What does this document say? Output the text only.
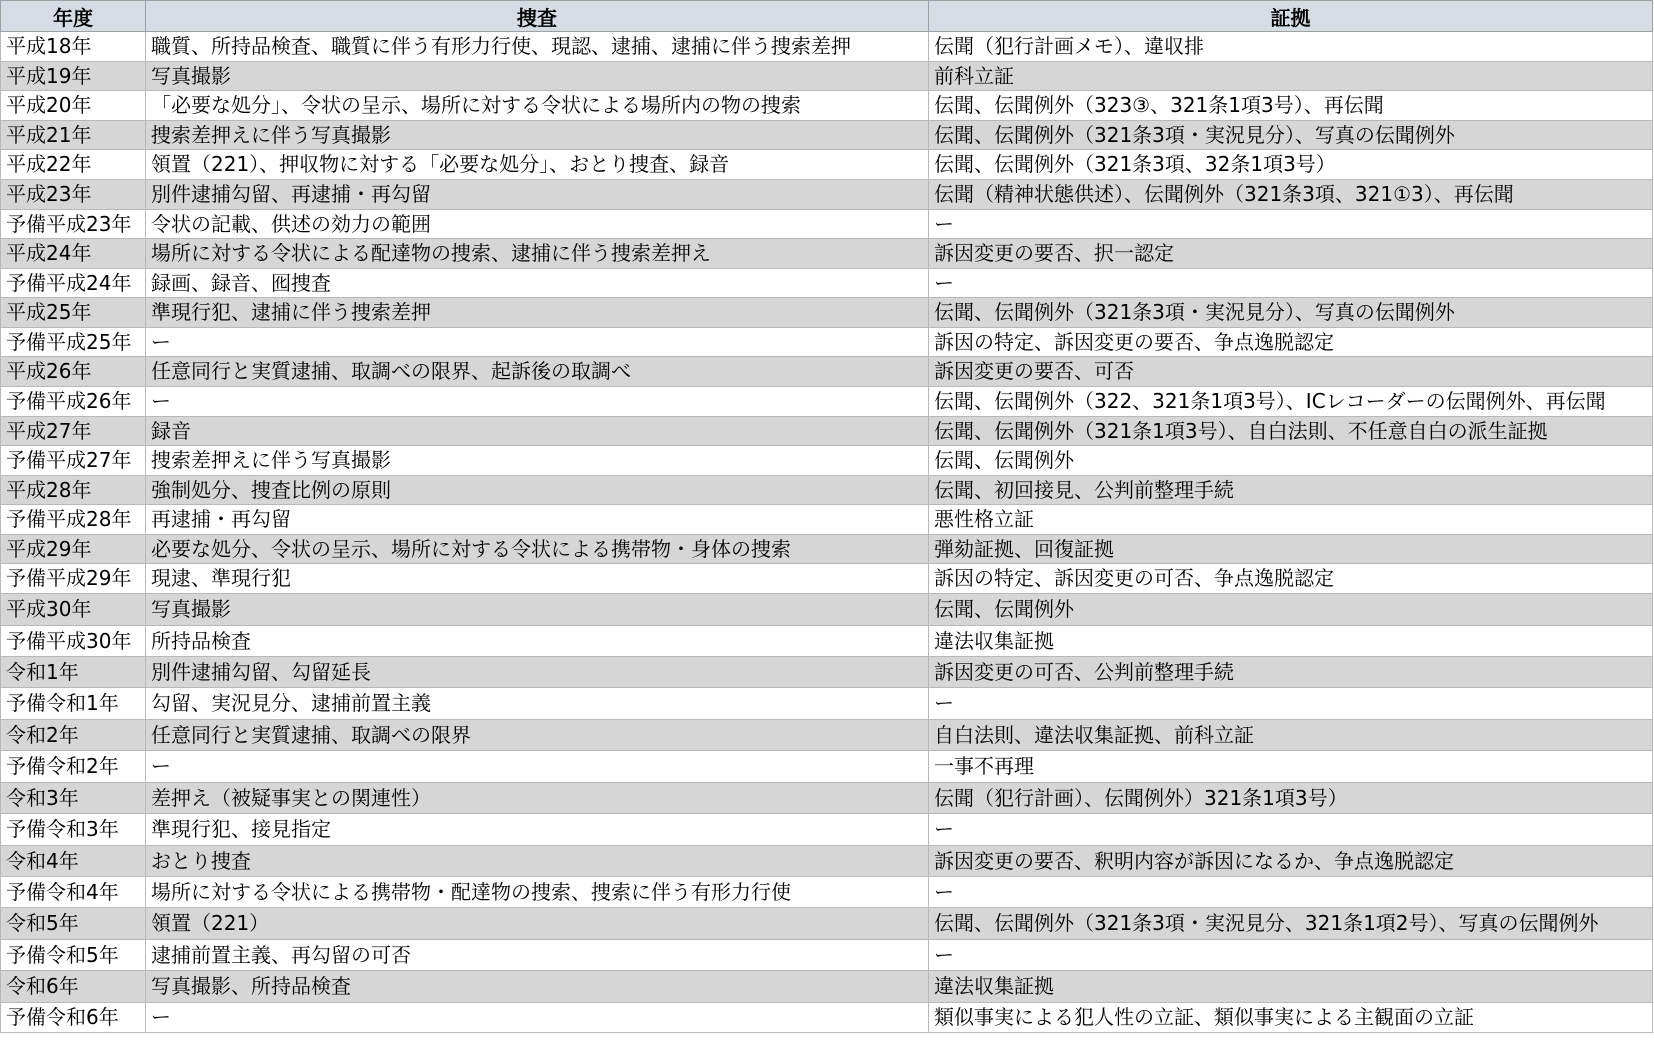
年度	捜査	証拠
平成18年	職質、所持品検査、職質に伴う有形力行使、現認、逮捕、逮捕に伴う捜索差押	伝聞（犯行計画メモ）、違収排
平成19年	写真撮影	前科立証
平成20年	「必要な処分」、令状の呈示、場所に対する令状による場所内の物の捜索	伝聞、伝聞例外（323③、321条1項3号）、再伝聞
平成21年	捜索差押えに伴う写真撮影	伝聞、伝聞例外（321条3項・実況見分）、写真の伝聞例外
平成22年	領置（221）、押収物に対する「必要な処分」、おとり捜査、録音	伝聞、伝聞例外（321条3項、32条1項3号）
平成23年	別件逮捕勾留、再逮捕・再勾留	伝聞（精神状態供述）、伝聞例外（321条3項、321①3）、再伝聞
予備平成23年	令状の記載、供述の効力の範囲	ー
平成24年	場所に対する令状による配達物の捜索、逮捕に伴う捜索差押え	訴因変更の要否、択一認定
予備平成24年	録画、録音、囮捜査	ー
平成25年	準現行犯、逮捕に伴う捜索差押	伝聞、伝聞例外（321条3項・実況見分）、写真の伝聞例外
予備平成25年	ー	訴因の特定、訴因変更の要否、争点逸脱認定
平成26年	任意同行と実質逮捕、取調べの限界、起訴後の取調べ	訴因変更の要否、可否
予備平成26年	ー	伝聞、伝聞例外（322、321条1項3号）、ICレコーダーの伝聞例外、再伝聞
平成27年	録音	伝聞、伝聞例外（321条1項3号）、自白法則、不任意自白の派生証拠
予備平成27年	捜索差押えに伴う写真撮影	伝聞、伝聞例外
平成28年	強制処分、捜査比例の原則	伝聞、初回接見、公判前整理手続
予備平成28年	再逮捕・再勾留	悪性格立証
平成29年	必要な処分、令状の呈示、場所に対する令状による携帯物・身体の捜索	弾劾証拠、回復証拠
予備平成29年	現逮、準現行犯	訴因の特定、訴因変更の可否、争点逸脱認定
平成30年	写真撮影	伝聞、伝聞例外
予備平成30年	所持品検査	違法収集証拠
令和1年	別件逮捕勾留、勾留延長	訴因変更の可否、公判前整理手続
予備令和1年	勾留、実況見分、逮捕前置主義	ー
令和2年	任意同行と実質逮捕、取調べの限界	自白法則、違法収集証拠、前科立証
予備令和2年	ー	一事不再理
令和3年	差押え（被疑事実との関連性）	伝聞（犯行計画）、伝聞例外）321条1項3号）
予備令和3年	準現行犯、接見指定	ー
令和4年	おとり捜査	訴因変更の要否、釈明内容が訴因になるか、争点逸脱認定
予備令和4年	場所に対する令状による携帯物・配達物の捜索、捜索に伴う有形力行使	ー
令和5年	領置（221）	伝聞、伝聞例外（321条3項・実況見分、321条1項2号）、写真の伝聞例外
予備令和5年	逮捕前置主義、再勾留の可否	ー
令和6年	写真撮影、所持品検査	違法収集証拠
予備令和6年	ー	類似事実による犯人性の立証、類似事実による主観面の立証
